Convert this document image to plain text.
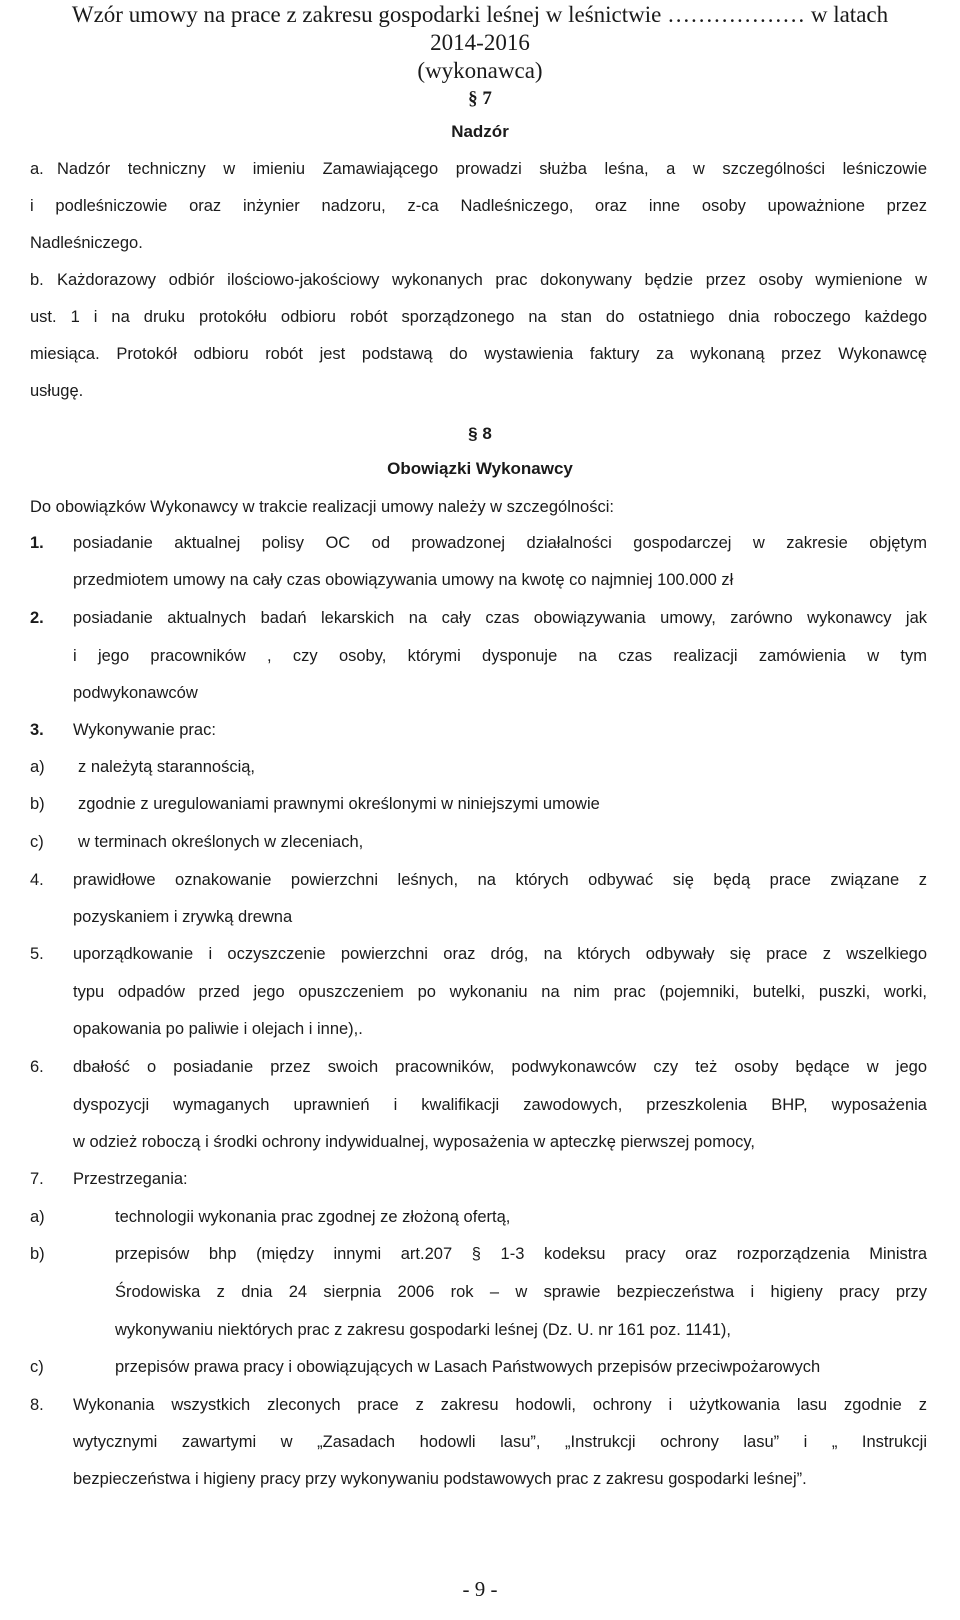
Wzór umowy na prace z zakresu gospodarki leśnej w leśnictwie ……………… w latach
2014-2016
(wykonawca)
§ 7
Nadzór
a. Nadzór techniczny w imieniu Zamawiającego prowadzi służba leśna, a w szczególności leśniczowie
i podleśniczowie oraz inżynier nadzoru, z-ca Nadleśniczego, oraz inne osoby upoważnione przez
Nadleśniczego.
b. Każdorazowy odbiór ilościowo-jakościowy wykonanych prac dokonywany będzie przez osoby wymienione w
ust. 1 i na druku protokółu odbioru robót sporządzonego na stan do ostatniego dnia roboczego każdego
miesiąca. Protokół odbioru robót jest podstawą do wystawienia faktury za wykonaną przez Wykonawcę
usługę.
§ 8
Obowiązki Wykonawcy
Do obowiązków Wykonawcy w trakcie realizacji umowy należy w szczególności:
1. posiadanie aktualnej polisy OC od prowadzonej działalności gospodarczej w zakresie objętym
przedmiotem umowy na cały czas obowiązywania umowy na kwotę co najmniej 100.000 zł
2. posiadanie aktualnych badań lekarskich na cały czas obowiązywania umowy, zarówno wykonawcy jak
i jego pracowników , czy osoby, którymi dysponuje na czas realizacji zamówienia w tym
podwykonawców
3. Wykonywanie prac:
a) z należytą starannością,
b) zgodnie z uregulowaniami prawnymi określonymi w niniejszymi umowie
c) w terminach określonych w zleceniach,
4. prawidłowe oznakowanie powierzchni leśnych, na których odbywać się będą prace związane z
pozyskaniem i zrywką drewna
5. uporządkowanie i oczyszczenie powierzchni oraz dróg, na których odbywały się prace z wszelkiego
typu odpadów przed jego opuszczeniem po wykonaniu na nim prac (pojemniki, butelki, puszki, worki,
opakowania po paliwie i olejach i inne),.
6. dbałość o posiadanie przez swoich pracowników, podwykonawców czy też osoby będące w jego
dyspozycji wymaganych uprawnień i kwalifikacji zawodowych, przeszkolenia BHP, wyposażenia
w odzież roboczą i środki ochrony indywidualnej, wyposażenia w apteczkę pierwszej pomocy,
7. Przestrzegania:
a)	technologii wykonania prac zgodnej ze złożoną ofertą,
b)	przepisów bhp (między innymi art.207 § 1-3 kodeksu pracy oraz rozporządzenia Ministra
Środowiska z dnia 24 sierpnia 2006 rok – w sprawie bezpieczeństwa i higieny pracy przy
wykonywaniu niektórych prac z zakresu gospodarki leśnej (Dz. U. nr 161 poz. 1141),
c)	przepisów prawa pracy i obowiązujących w Lasach Państwowych przepisów przeciwpożarowych
8. Wykonania wszystkich zleconych prace z zakresu hodowli, ochrony i użytkowania lasu zgodnie z
wytycznymi zawartymi w „Zasadach hodowli lasu”, „Instrukcji ochrony lasu” i „ Instrukcji
bezpieczeństwa i higieny pracy przy wykonywaniu podstawowych prac z zakresu gospodarki leśnej”.
- 9 -
